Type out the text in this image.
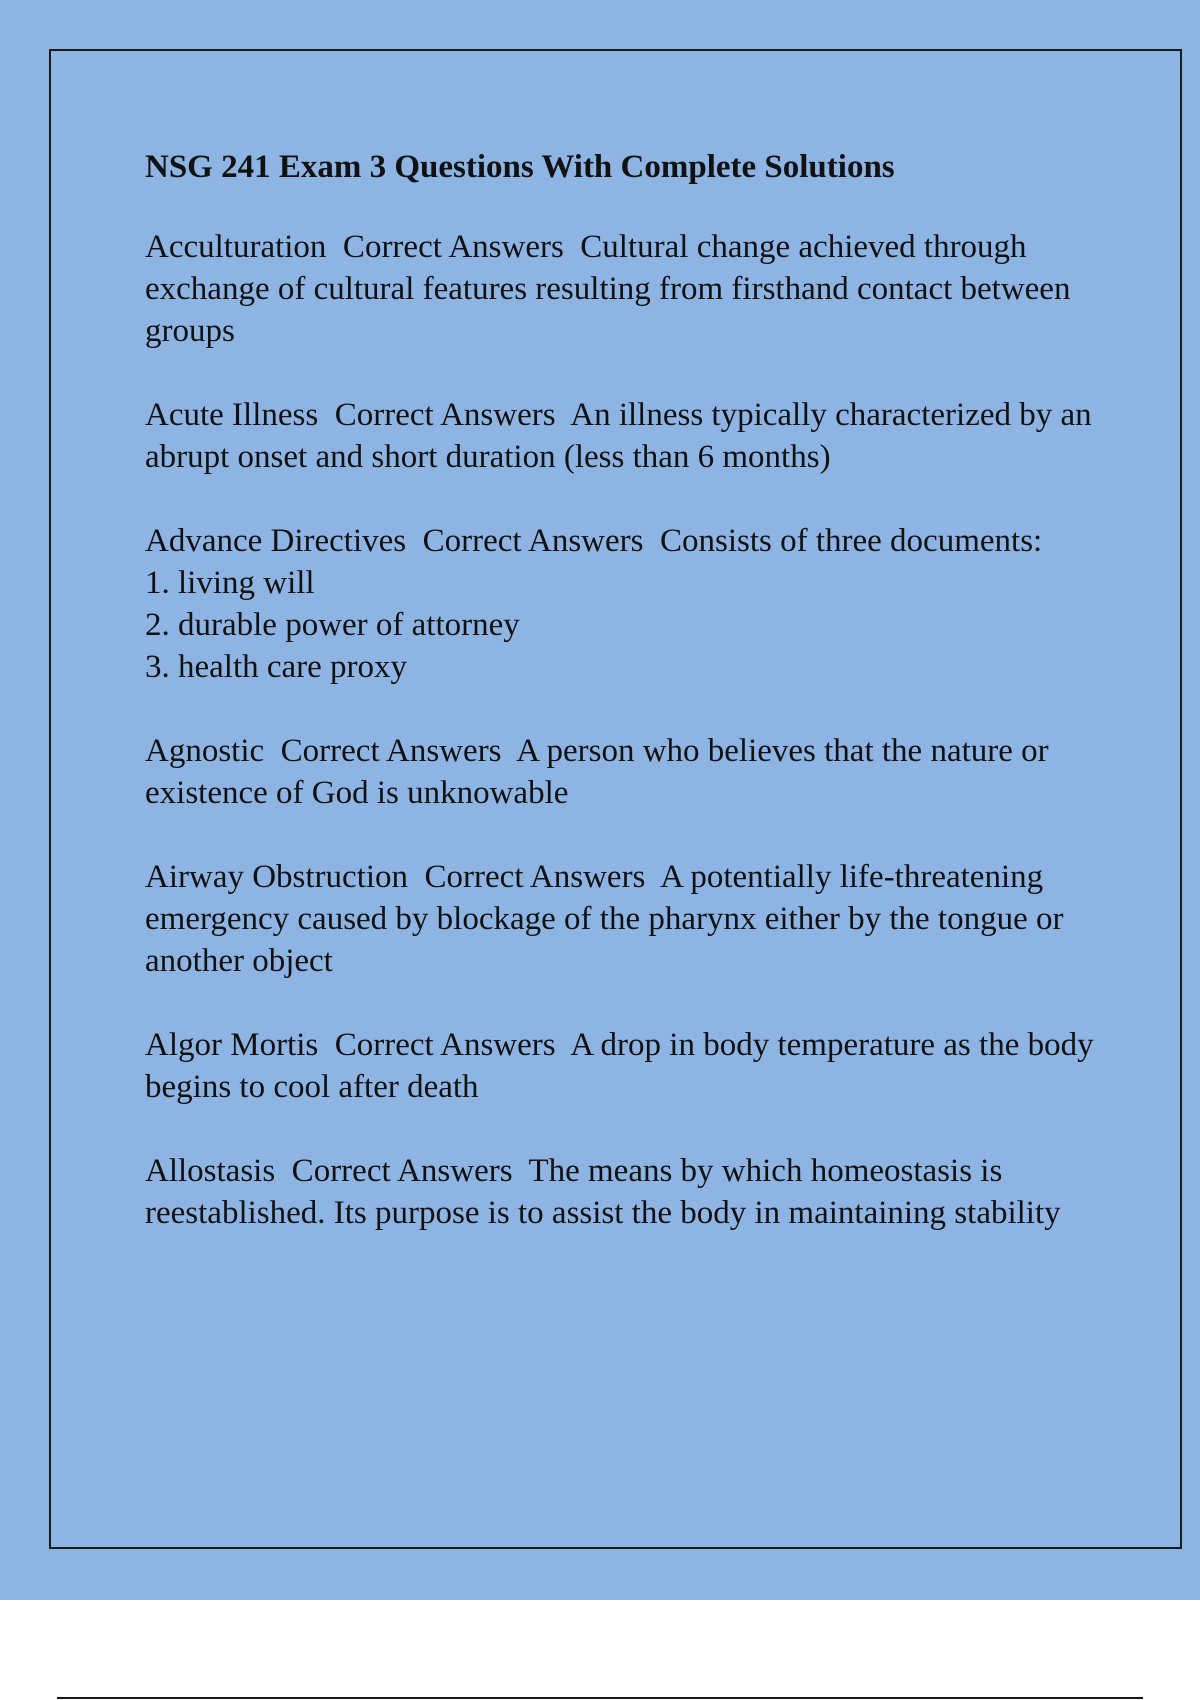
NSG 241 Exam 3 Questions With Complete Solutions
Acculturation  Correct Answers  Cultural change achieved through exchange of cultural features resulting from firsthand contact between groups
Acute Illness  Correct Answers  An illness typically characterized by an abrupt onset and short duration (less than 6 months)
Advance Directives  Correct Answers  Consists of three documents:
1. living will
2. durable power of attorney
3. health care proxy
Agnostic  Correct Answers  A person who believes that the nature or existence of God is unknowable
Airway Obstruction  Correct Answers  A potentially life-threatening emergency caused by blockage of the pharynx either by the tongue or another object
Algor Mortis  Correct Answers  A drop in body temperature as the body begins to cool after death
Allostasis  Correct Answers  The means by which homeostasis is reestablished. Its purpose is to assist the body in maintaining stability
